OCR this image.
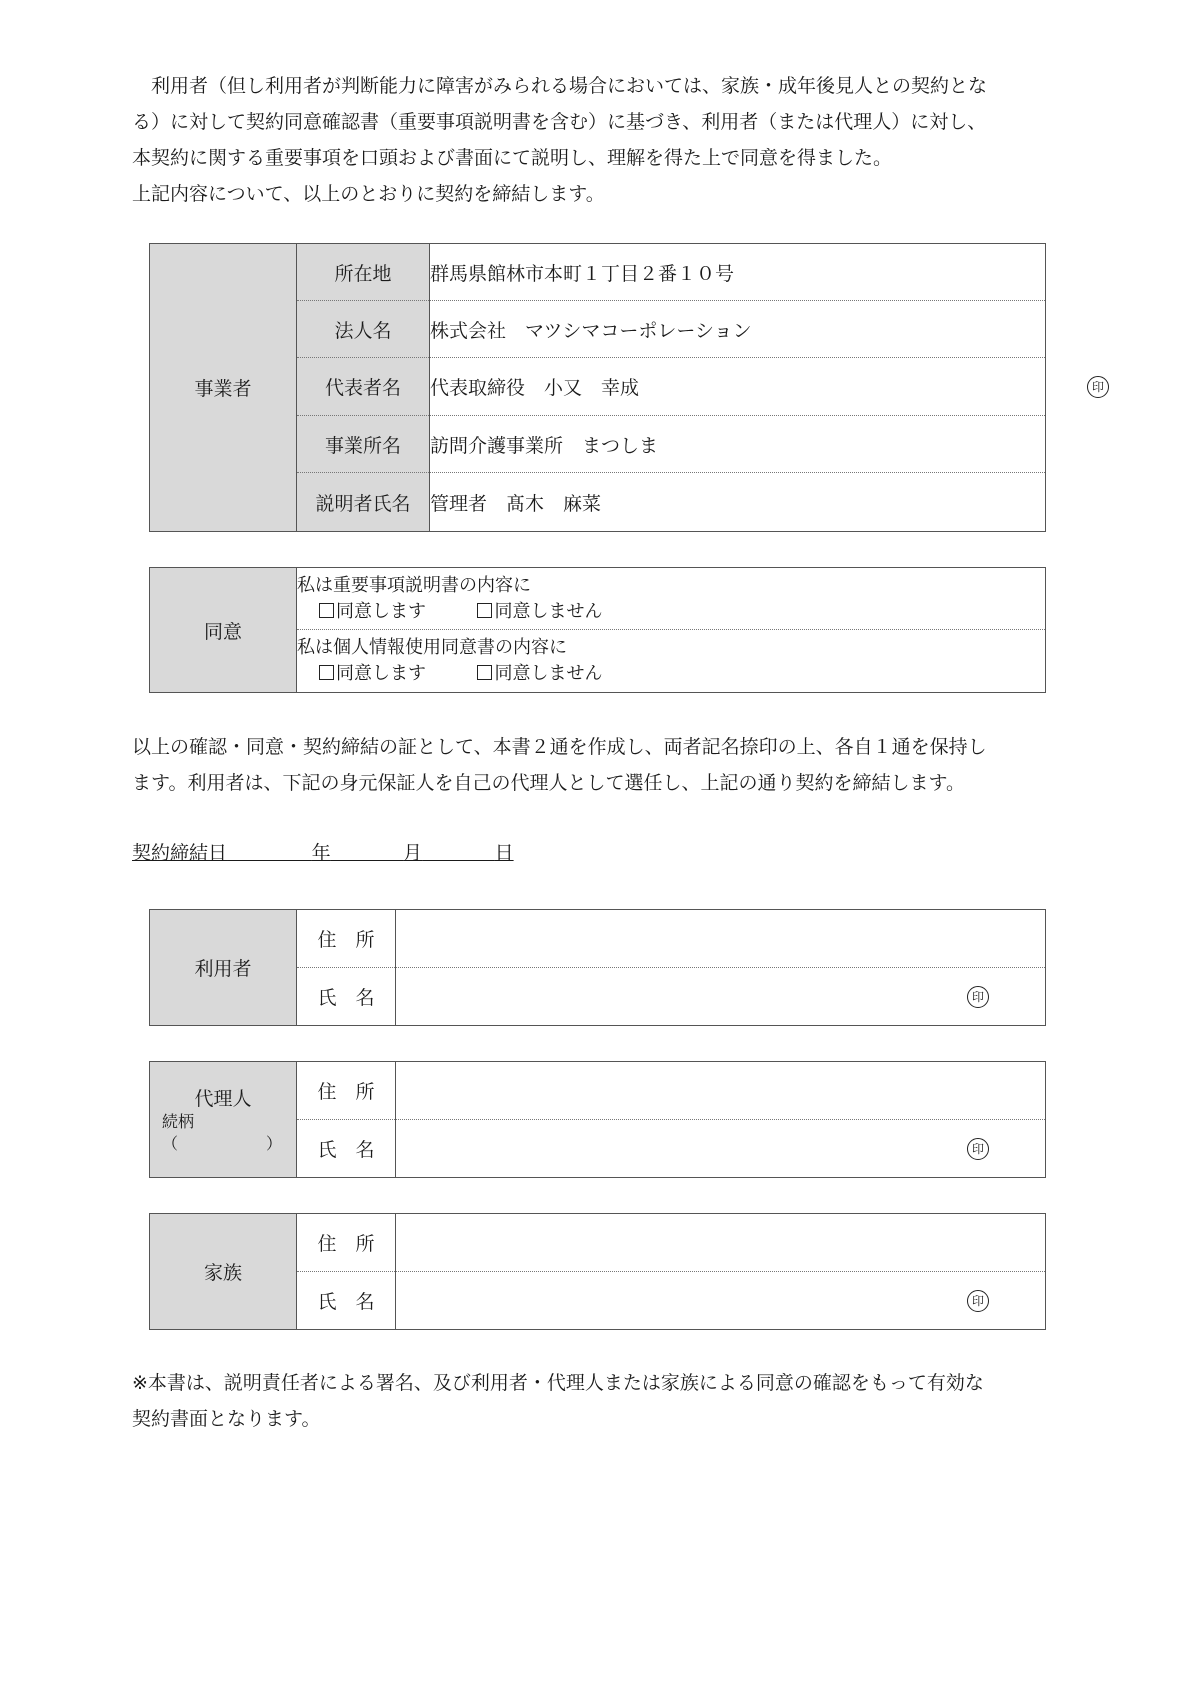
　利用者（但し利用者が判断能力に障害がみられる場合においては、家族・成年後見人との契約とな
る）に対して契約同意確認書（重要事項説明書を含む）に基づき、利用者（または代理人）に対し、
本契約に関する重要事項を口頭および書面にて説明し、理解を得た上で同意を得ました。
上記内容について、以上のとおりに契約を締結します。

事業者	所在地	群馬県館林市本町１丁目２番１０号
	法人名	株式会社　マツシマコーポレーション
	代表者名	代表取締役　小又　幸成 印

	事業所名	訪問介護事業所　まつしま
	説明者氏名	管理者　髙木　麻菜
同意	
私は重要事項説明書の内容に
同意します	同意しません

私は個人情報使用同意書の内容に
同意します	同意しません

以上の確認・同意・契約締結の証として、本書２通を作成し、両者記名捺印の上、各自１通を保持し
ます。利用者は、下記の身元保証人を自己の代理人として選任し、上記の通り契約を締結します。

契約締結日	年	月	日
利用者	住　所	
	氏　名	印
代理人
続柄
（ ）	住　所	
	氏　名	印
家族	住　所	
	氏　名	印

※本書は、説明責任者による署名、及び利用者・代理人または家族による同意の確認をもって有効な
契約書面となります。
